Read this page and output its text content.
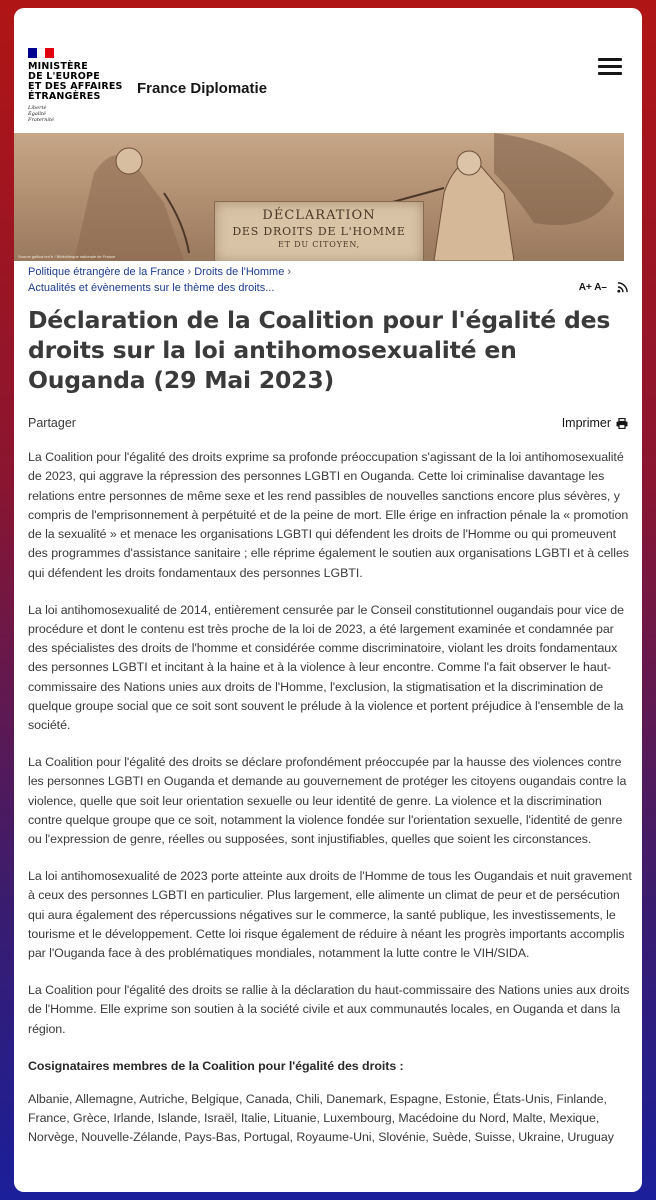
MINISTÈRE
DE L'EUROPE
ET DES AFFAIRES
ÉTRANGÈRES
Liberté
Égalité
Fraternité
France Diplomatie
DÉCLARATION
DES DROITS DE L'HOMME
ET DU CITOYEN,
Source gallica.bnf.fr / Bibliothèque nationale de France
Politique étrangère de la France › Droits de l'Homme ›
Actualités et évènements sur le thème des droits...	A+ A–
Déclaration de la Coalition pour l'égalité des droits sur la loi antihomosexualité en Ouganda (29 Mai 2023)
Partager	Imprimer

La Coalition pour l'égalité des droits exprime sa profonde préoccupation s'agissant de la loi antihomosexualité de 2023, qui aggrave la répression des personnes LGBTI en Ouganda. Cette loi criminalise davantage les relations entre personnes de même sexe et les rend passibles de nouvelles sanctions encore plus sévères, y compris de l'emprisonnement à perpétuité et de la peine de mort. Elle érige en infraction pénale la « promotion de la sexualité » et menace les organisations LGBTI qui défendent les droits de l'Homme ou qui promeuvent des programmes d'assistance sanitaire ; elle réprime également le soutien aux organisations LGBTI et à celles qui défendent les droits fondamentaux des personnes LGBTI.

La loi antihomosexualité de 2014, entièrement censurée par le Conseil constitutionnel ougandais pour vice de procédure et dont le contenu est très proche de la loi de 2023, a été largement examinée et condamnée par des spécialistes des droits de l'homme et considérée comme discriminatoire, violant les droits fondamentaux des personnes LGBTI et incitant à la haine et à la violence à leur encontre. Comme l'a fait observer le haut-commissaire des Nations unies aux droits de l'Homme, l'exclusion, la stigmatisation et la discrimination de quelque groupe social que ce soit sont souvent le prélude à la violence et portent préjudice à l'ensemble de la société.

La Coalition pour l'égalité des droits se déclare profondément préoccupée par la hausse des violences contre les personnes LGBTI en Ouganda et demande au gouvernement de protéger les citoyens ougandais contre la violence, quelle que soit leur orientation sexuelle ou leur identité de genre. La violence et la discrimination contre quelque groupe que ce soit, notamment la violence fondée sur l'orientation sexuelle, l'identité de genre ou l'expression de genre, réelles ou supposées, sont injustifiables, quelles que soient les circonstances.

La loi antihomosexualité de 2023 porte atteinte aux droits de l'Homme de tous les Ougandais et nuit gravement à ceux des personnes LGBTI en particulier. Plus largement, elle alimente un climat de peur et de persécution qui aura également des répercussions négatives sur le commerce, la santé publique, les investissements, le tourisme et le développement. Cette loi risque également de réduire à néant les progrès importants accomplis par l'Ouganda face à des problématiques mondiales, notamment la lutte contre le VIH/SIDA.

La Coalition pour l'égalité des droits se rallie à la déclaration du haut-commissaire des Nations unies aux droits de l'Homme. Elle exprime son soutien à la société civile et aux communautés locales, en Ouganda et dans la région.

Cosignataires membres de la Coalition pour l'égalité des droits :

Albanie, Allemagne, Autriche, Belgique, Canada, Chili, Danemark, Espagne, Estonie, États-Unis, Finlande, France, Grèce, Irlande, Islande, Israël, Italie, Lituanie, Luxembourg, Macédoine du Nord, Malte, Mexique, Norvège, Nouvelle-Zélande, Pays-Bas, Portugal, Royaume-Uni, Slovénie, Suède, Suisse, Ukraine, Uruguay
